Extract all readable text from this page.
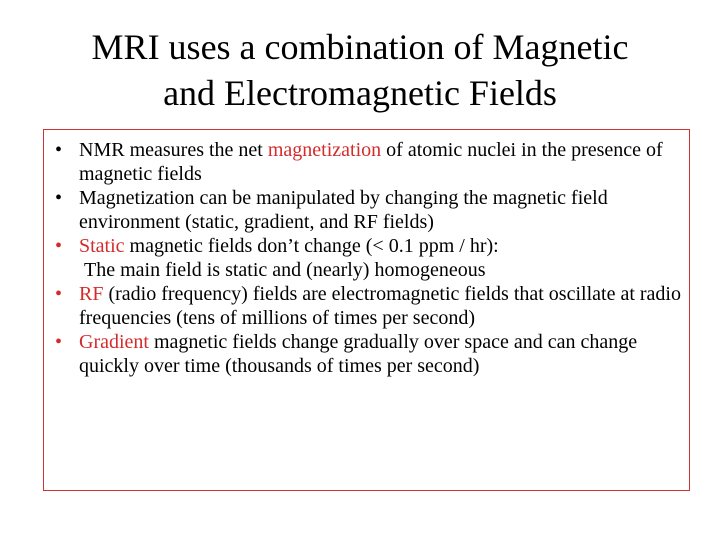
MRI uses a combination of Magnetic
and Electromagnetic Fields
• NMR measures the net magnetization of atomic nuclei in the presence of magnetic fields
• Magnetization can be manipulated by changing the magnetic field environment (static, gradient, and RF fields)
• Static magnetic fields don’t change (< 0.1 ppm / hr):
The main field is static and (nearly) homogeneous
• RF (radio frequency) fields are electromagnetic fields that oscillate at radio frequencies (tens of millions of times per second)
• Gradient magnetic fields change gradually over space and can change quickly over time (thousands of times per second)
